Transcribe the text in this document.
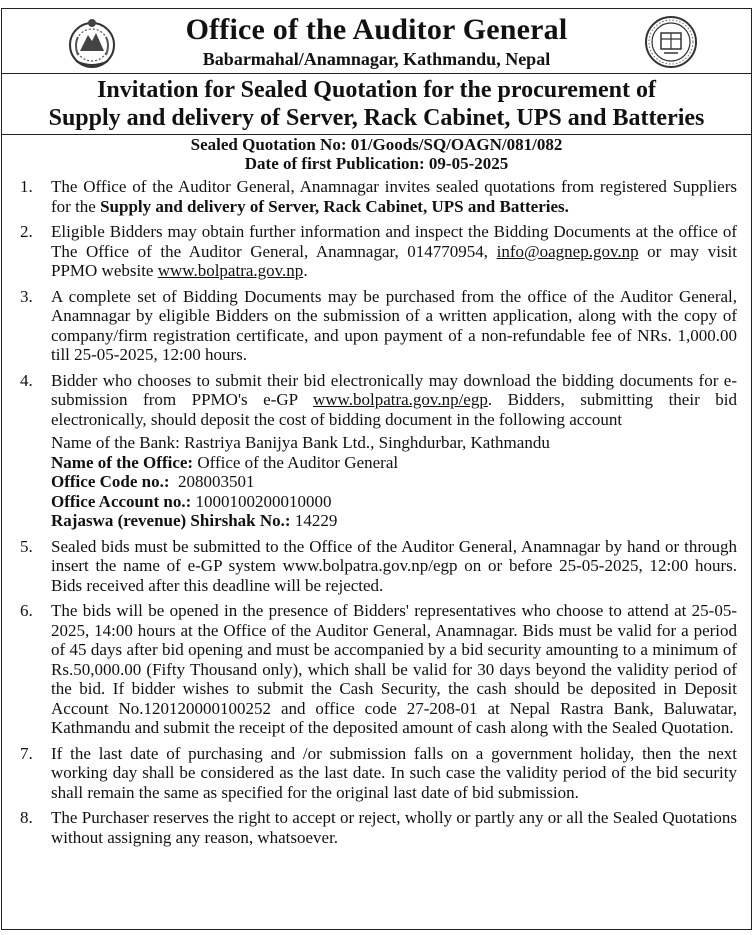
Office of the Auditor General
Babarmahal/Anamnagar, Kathmandu, Nepal
Invitation for Sealed Quotation for the procurement of
Supply and delivery of Server, Rack Cabinet, UPS and Batteries
Sealed Quotation No: 01/Goods/SQ/OAGN/081/082
Date of first Publication: 09-05-2025
1. The Office of the Auditor General, Anamnagar invites sealed quotations from registered Suppliers for the Supply and delivery of Server, Rack Cabinet, UPS and Batteries.
2. Eligible Bidders may obtain further information and inspect the Bidding Documents at the office of The Office of the Auditor General, Anamnagar, 014770954, info@oagnep.gov.np or may visit PPMO website www.bolpatra.gov.np.
3. A complete set of Bidding Documents may be purchased from the office of the Auditor General, Anamnagar by eligible Bidders on the submission of a written application, along with the copy of company/firm registration certificate, and upon payment of a non-refundable fee of NRs. 1,000.00 till 25-05-2025, 12:00 hours.
4. Bidder who chooses to submit their bid electronically may download the bidding documents for e-submission from PPMO's e-GP www.bolpatra.gov.np/egp. Bidders, submitting their bid electronically, should deposit the cost of bidding document in the following account
Name of the Bank: Rastriya Banijya Bank Ltd., Singhdurbar, Kathmandu
Name of the Office: Office of the Auditor General
Office Code no.:  208003501
Office Account no.: 1000100200010000
Rajaswa (revenue) Shirshak No.: 14229
5. Sealed bids must be submitted to the Office of the Auditor General, Anamnagar by hand or through insert the name of e-GP system www.bolpatra.gov.np/egp on or before 25-05-2025, 12:00 hours. Bids received after this deadline will be rejected.
6. The bids will be opened in the presence of Bidders' representatives who choose to attend at 25-05-2025, 14:00 hours at the Office of the Auditor General, Anamnagar. Bids must be valid for a period of 45 days after bid opening and must be accompanied by a bid security amounting to a minimum of Rs.50,000.00 (Fifty Thousand only), which shall be valid for 30 days beyond the validity period of the bid. If bidder wishes to submit the Cash Security, the cash should be deposited in Deposit Account No.120120000100252 and office code 27-208-01 at Nepal Rastra Bank, Baluwatar, Kathmandu and submit the receipt of the deposited amount of cash along with the Sealed Quotation.
7. If the last date of purchasing and /or submission falls on a government holiday, then the next working day shall be considered as the last date. In such case the validity period of the bid security shall remain the same as specified for the original last date of bid submission.
8. The Purchaser reserves the right to accept or reject, wholly or partly any or all the Sealed Quotations without assigning any reason, whatsoever.
